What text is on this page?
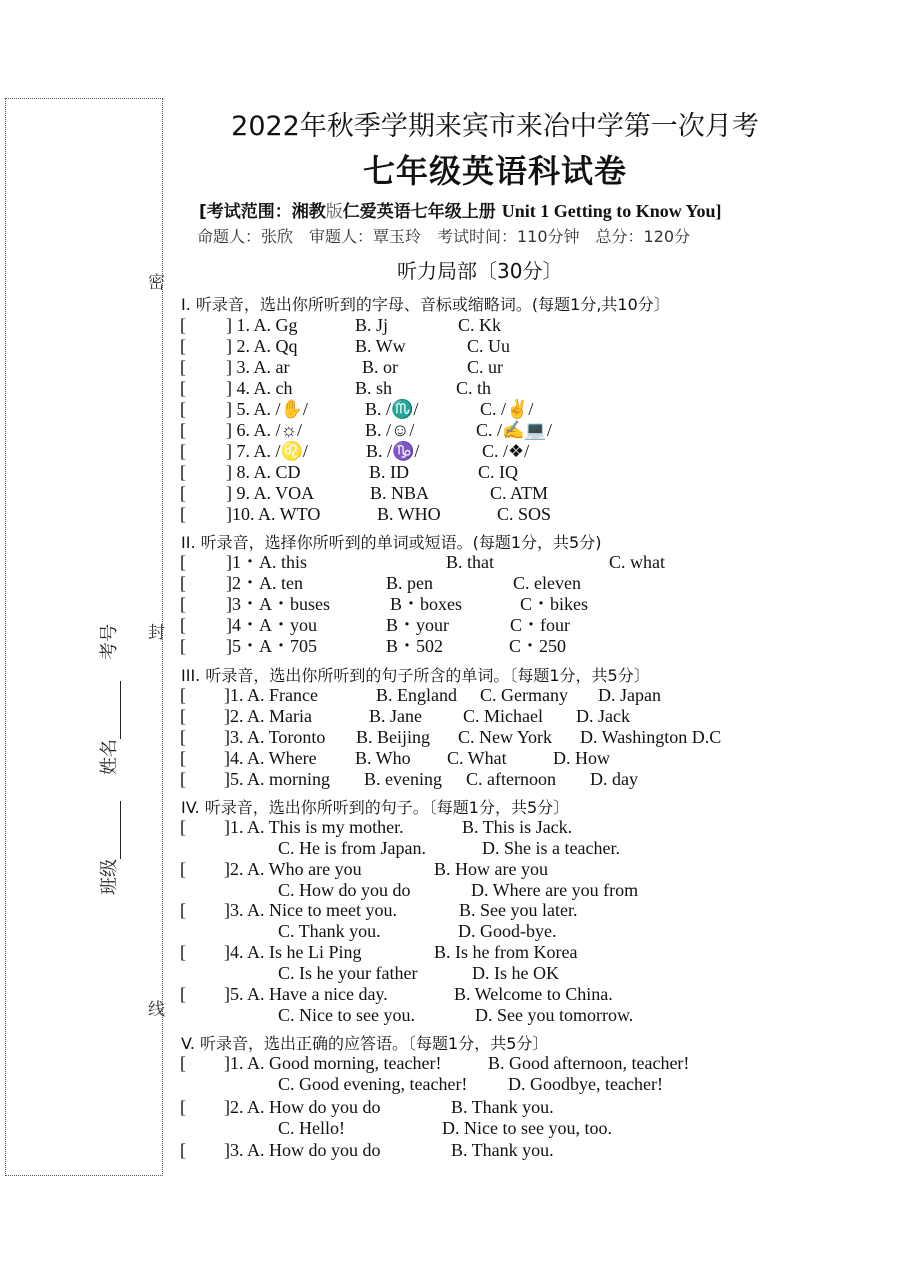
密
封
线
考号
姓名
班级
2022年秋季学期来宾市来冶中学第一次月考
七年级英语科试卷
[考试范围：湘教版仁爱英语七年级上册 Unit 1 Getting to Know You]
命题人：张欣　审题人：覃玉玲　考试时间：110分钟　总分：120分
听力局部〔30分〕
I. 听录音，选出你所听到的字母、音标或缩略词。(每题1分,共10分〕
[ ] 1. A. Gg	B. Jj	C. Kk
[ ] 2. A. Qq	B. Ww	C. Uu
[ ] 3. A. ar	B. or	C. ur
[ ] 4. A. ch	B. sh	C. th
[ ] 5. A. /✋/	B. /♏/	C. /✌/
[ ] 6. A. /☼/	B. /☺/	C. /✍💻/
[ ] 7. A. /♌/	B. /♑/	C. /❖/
[ ] 8. A. CD	B. ID	C. IQ
[ ] 9. A. VOA	B. NBA	C. ATM
[ ]10. A. WTO	B. WHO	C. SOS
II. 听录音，选择你所听到的单词或短语。(每题1分，共5分)
[ ]1・A. this	B. that	C. what
[ ]2・A. ten	B. pen	C. eleven
[ ]3・A・buses	B・boxes	C・bikes
[ ]4・A・you	B・your	C・four
[ ]5・A・705	B・502	C・250
III. 听录音，选出你所听到的句子所含的单词。〔每题1分，共5分〕
[ ]1. A. France	B. England C. Germany D. Japan
[ ]2. A. Maria	B. Jane C. Michael D. Jack
[ ]3. A. Toronto B. Beijing C. New York D. Washington D.C
[ ]4. A. Where B. Who C. What	D. How
[ ]5. A. morning B. evening C. afternoon D. day
IV. 听录音，选出你所听到的句子。〔每题1分，共5分〕
[ ]1. A. This is my mother.	B. This is Jack.
C. He is from Japan.	D. She is a teacher.
[ ]2. A. Who are you	B. How are you
C. How do you do	D. Where are you from
[ ]3. A. Nice to meet you.	B. See you later.
C. Thank you.	D. Good-bye.
[ ]4. A. Is he Li Ping	B. Is he from Korea
C. Is he your father	D. Is he OK
[ ]5. A. Have a nice day.	B. Welcome to China.
C. Nice to see you.	D. See you tomorrow.
V. 听录音，选出正确的应答语。〔每题1分，共5分〕
[ ]1. A. Good morning, teacher!	B. Good afternoon, teacher!
C. Good evening, teacher! D. Goodbye, teacher!
[ ]2. A. How do you do	B. Thank you.
C. Hello!	D. Nice to see you, too.
[ ]3. A. How do you do	B. Thank you.
